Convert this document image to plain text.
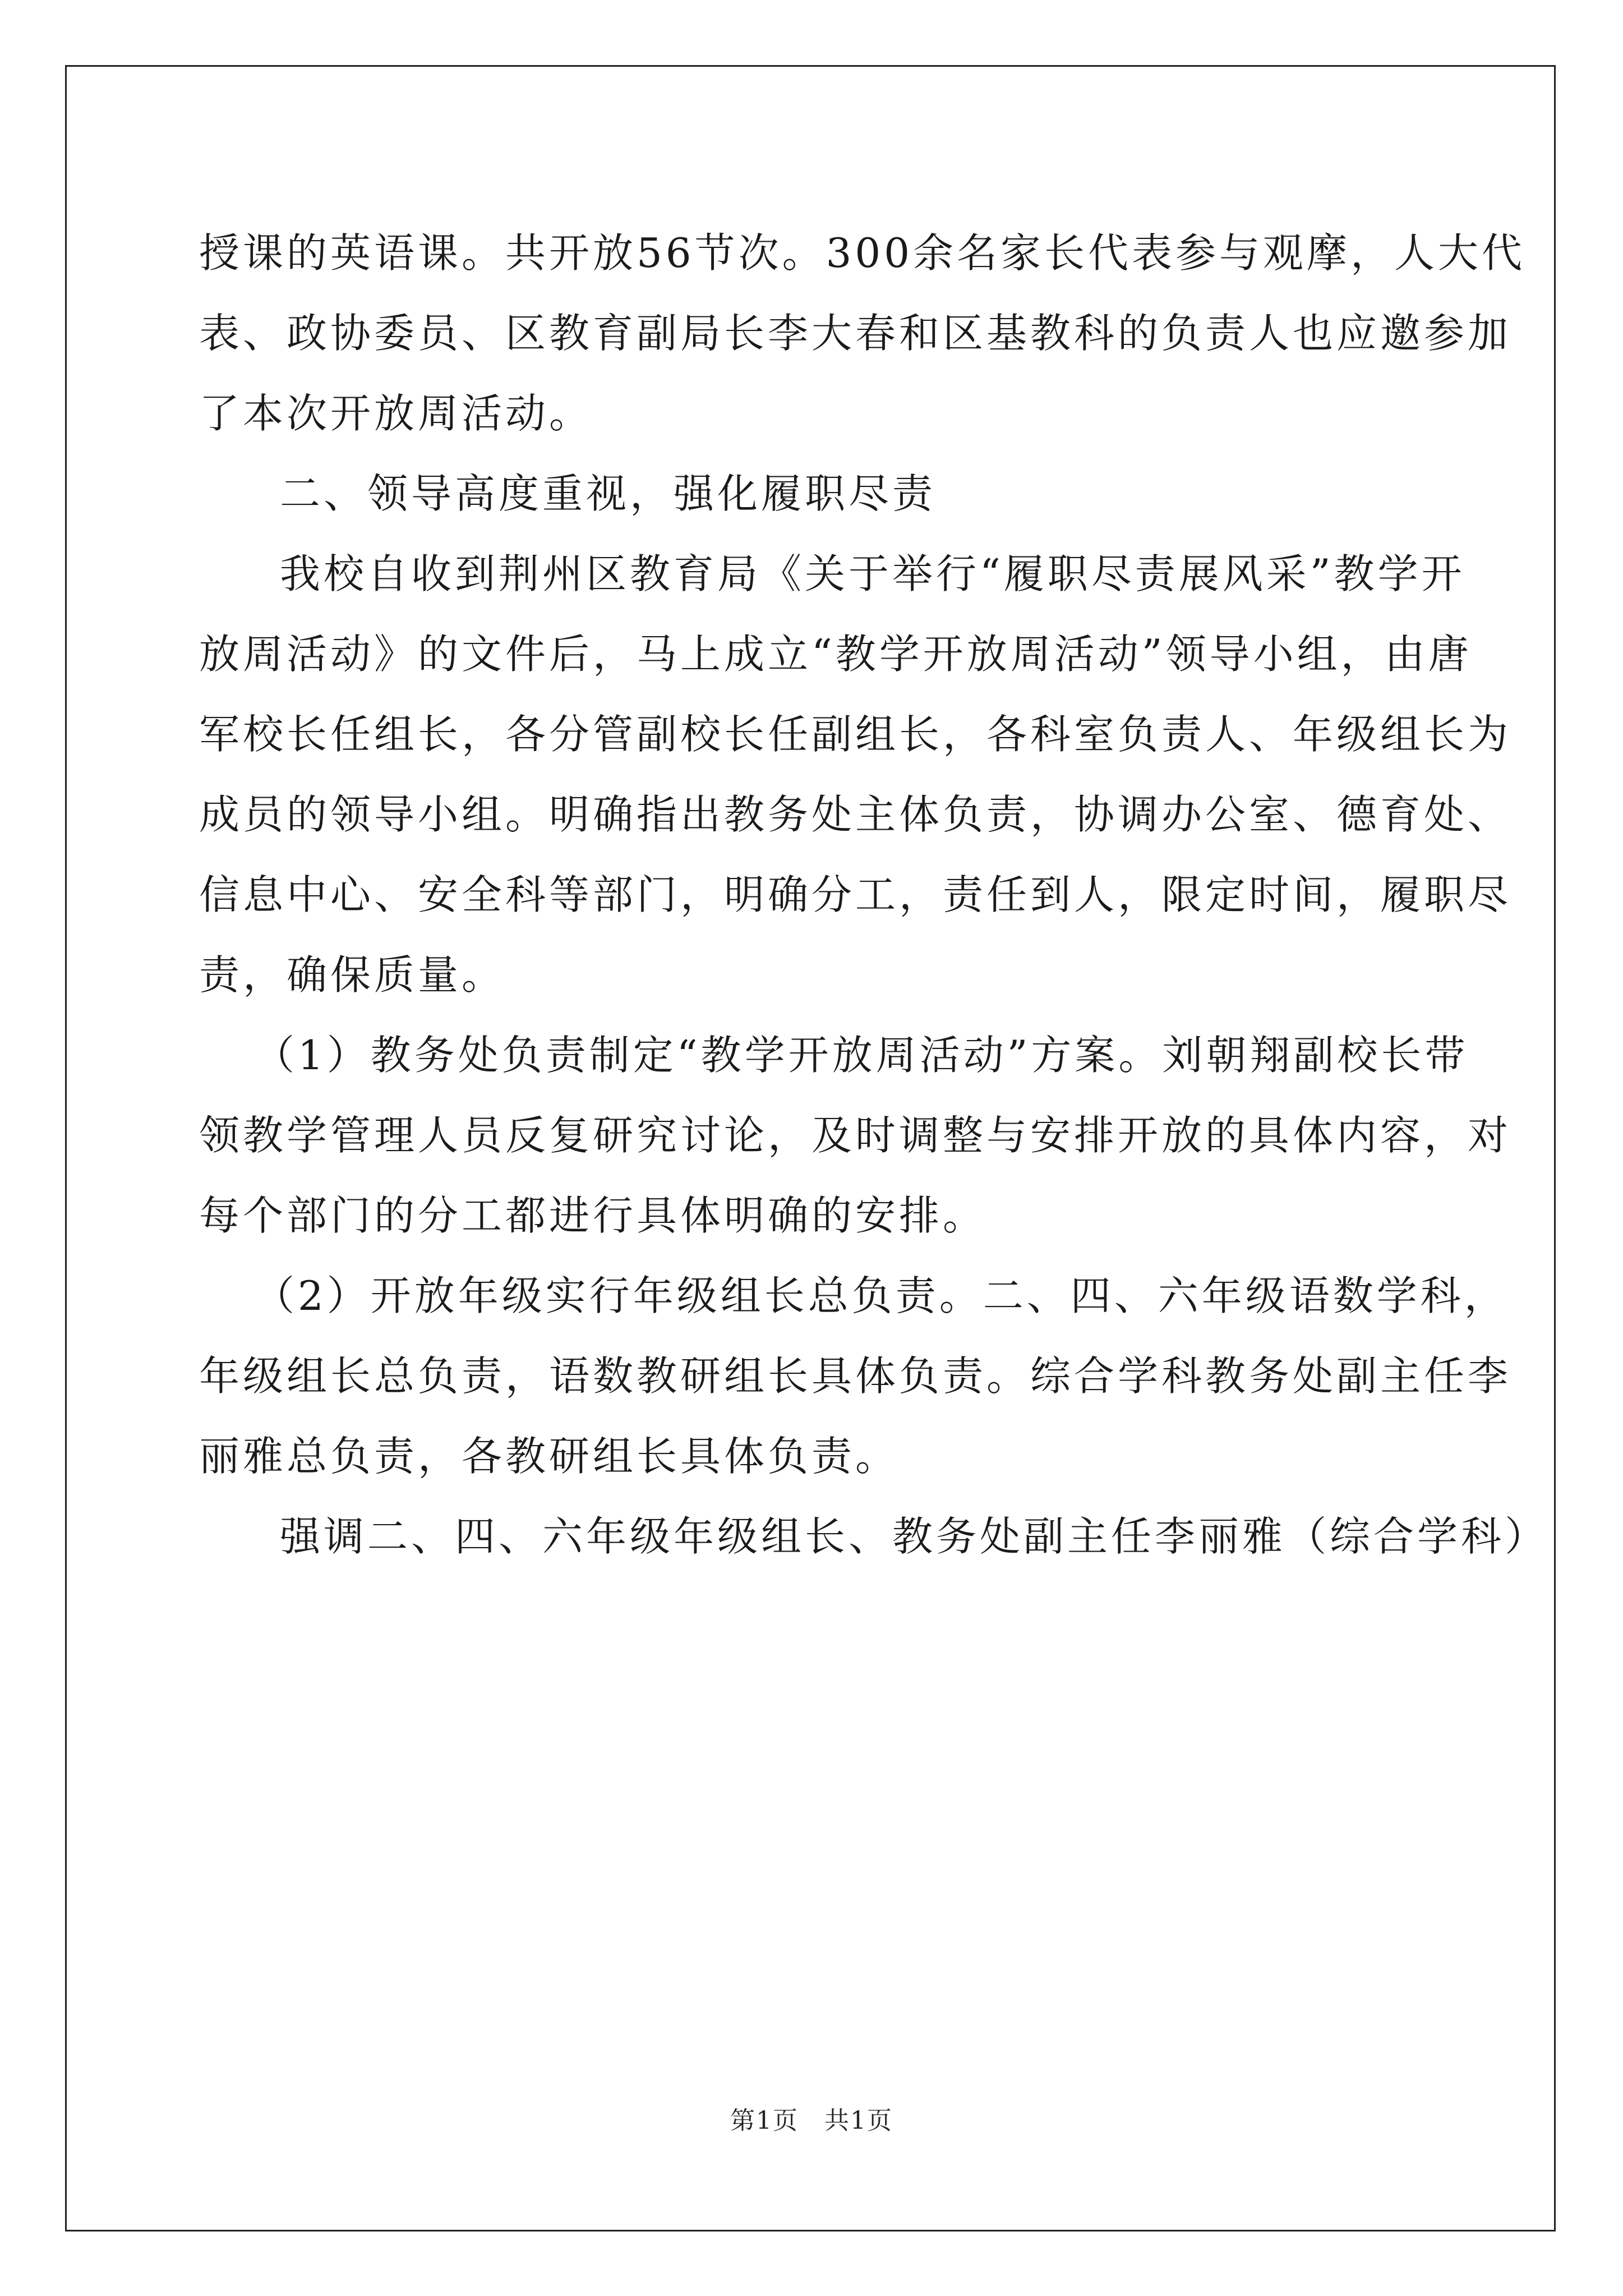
授课的英语课。共开放56节次。300余名家长代表参与观摩，人大代
表、政协委员、区教育副局长李大春和区基教科的负责人也应邀参加
了本次开放周活动。
二、领导高度重视，强化履职尽责
我校自收到荆州区教育局《关于举行“履职尽责展风采”教学开
放周活动》的文件后，马上成立“教学开放周活动”领导小组，由唐
军校长任组长，各分管副校长任副组长，各科室负责人、年级组长为
成员的领导小组。明确指出教务处主体负责，协调办公室、德育处、
信息中心、安全科等部门，明确分工，责任到人，限定时间，履职尽
责，确保质量。
（1）教务处负责制定“教学开放周活动”方案。刘朝翔副校长带
领教学管理人员反复研究讨论，及时调整与安排开放的具体内容，对
每个部门的分工都进行具体明确的安排。
（2）开放年级实行年级组长总负责。二、四、六年级语数学科，
年级组长总负责，语数教研组长具体负责。综合学科教务处副主任李
丽雅总负责，各教研组长具体负责。
强调二、四、六年级年级组长、教务处副主任李丽雅（综合学科）
第1页　共1页
